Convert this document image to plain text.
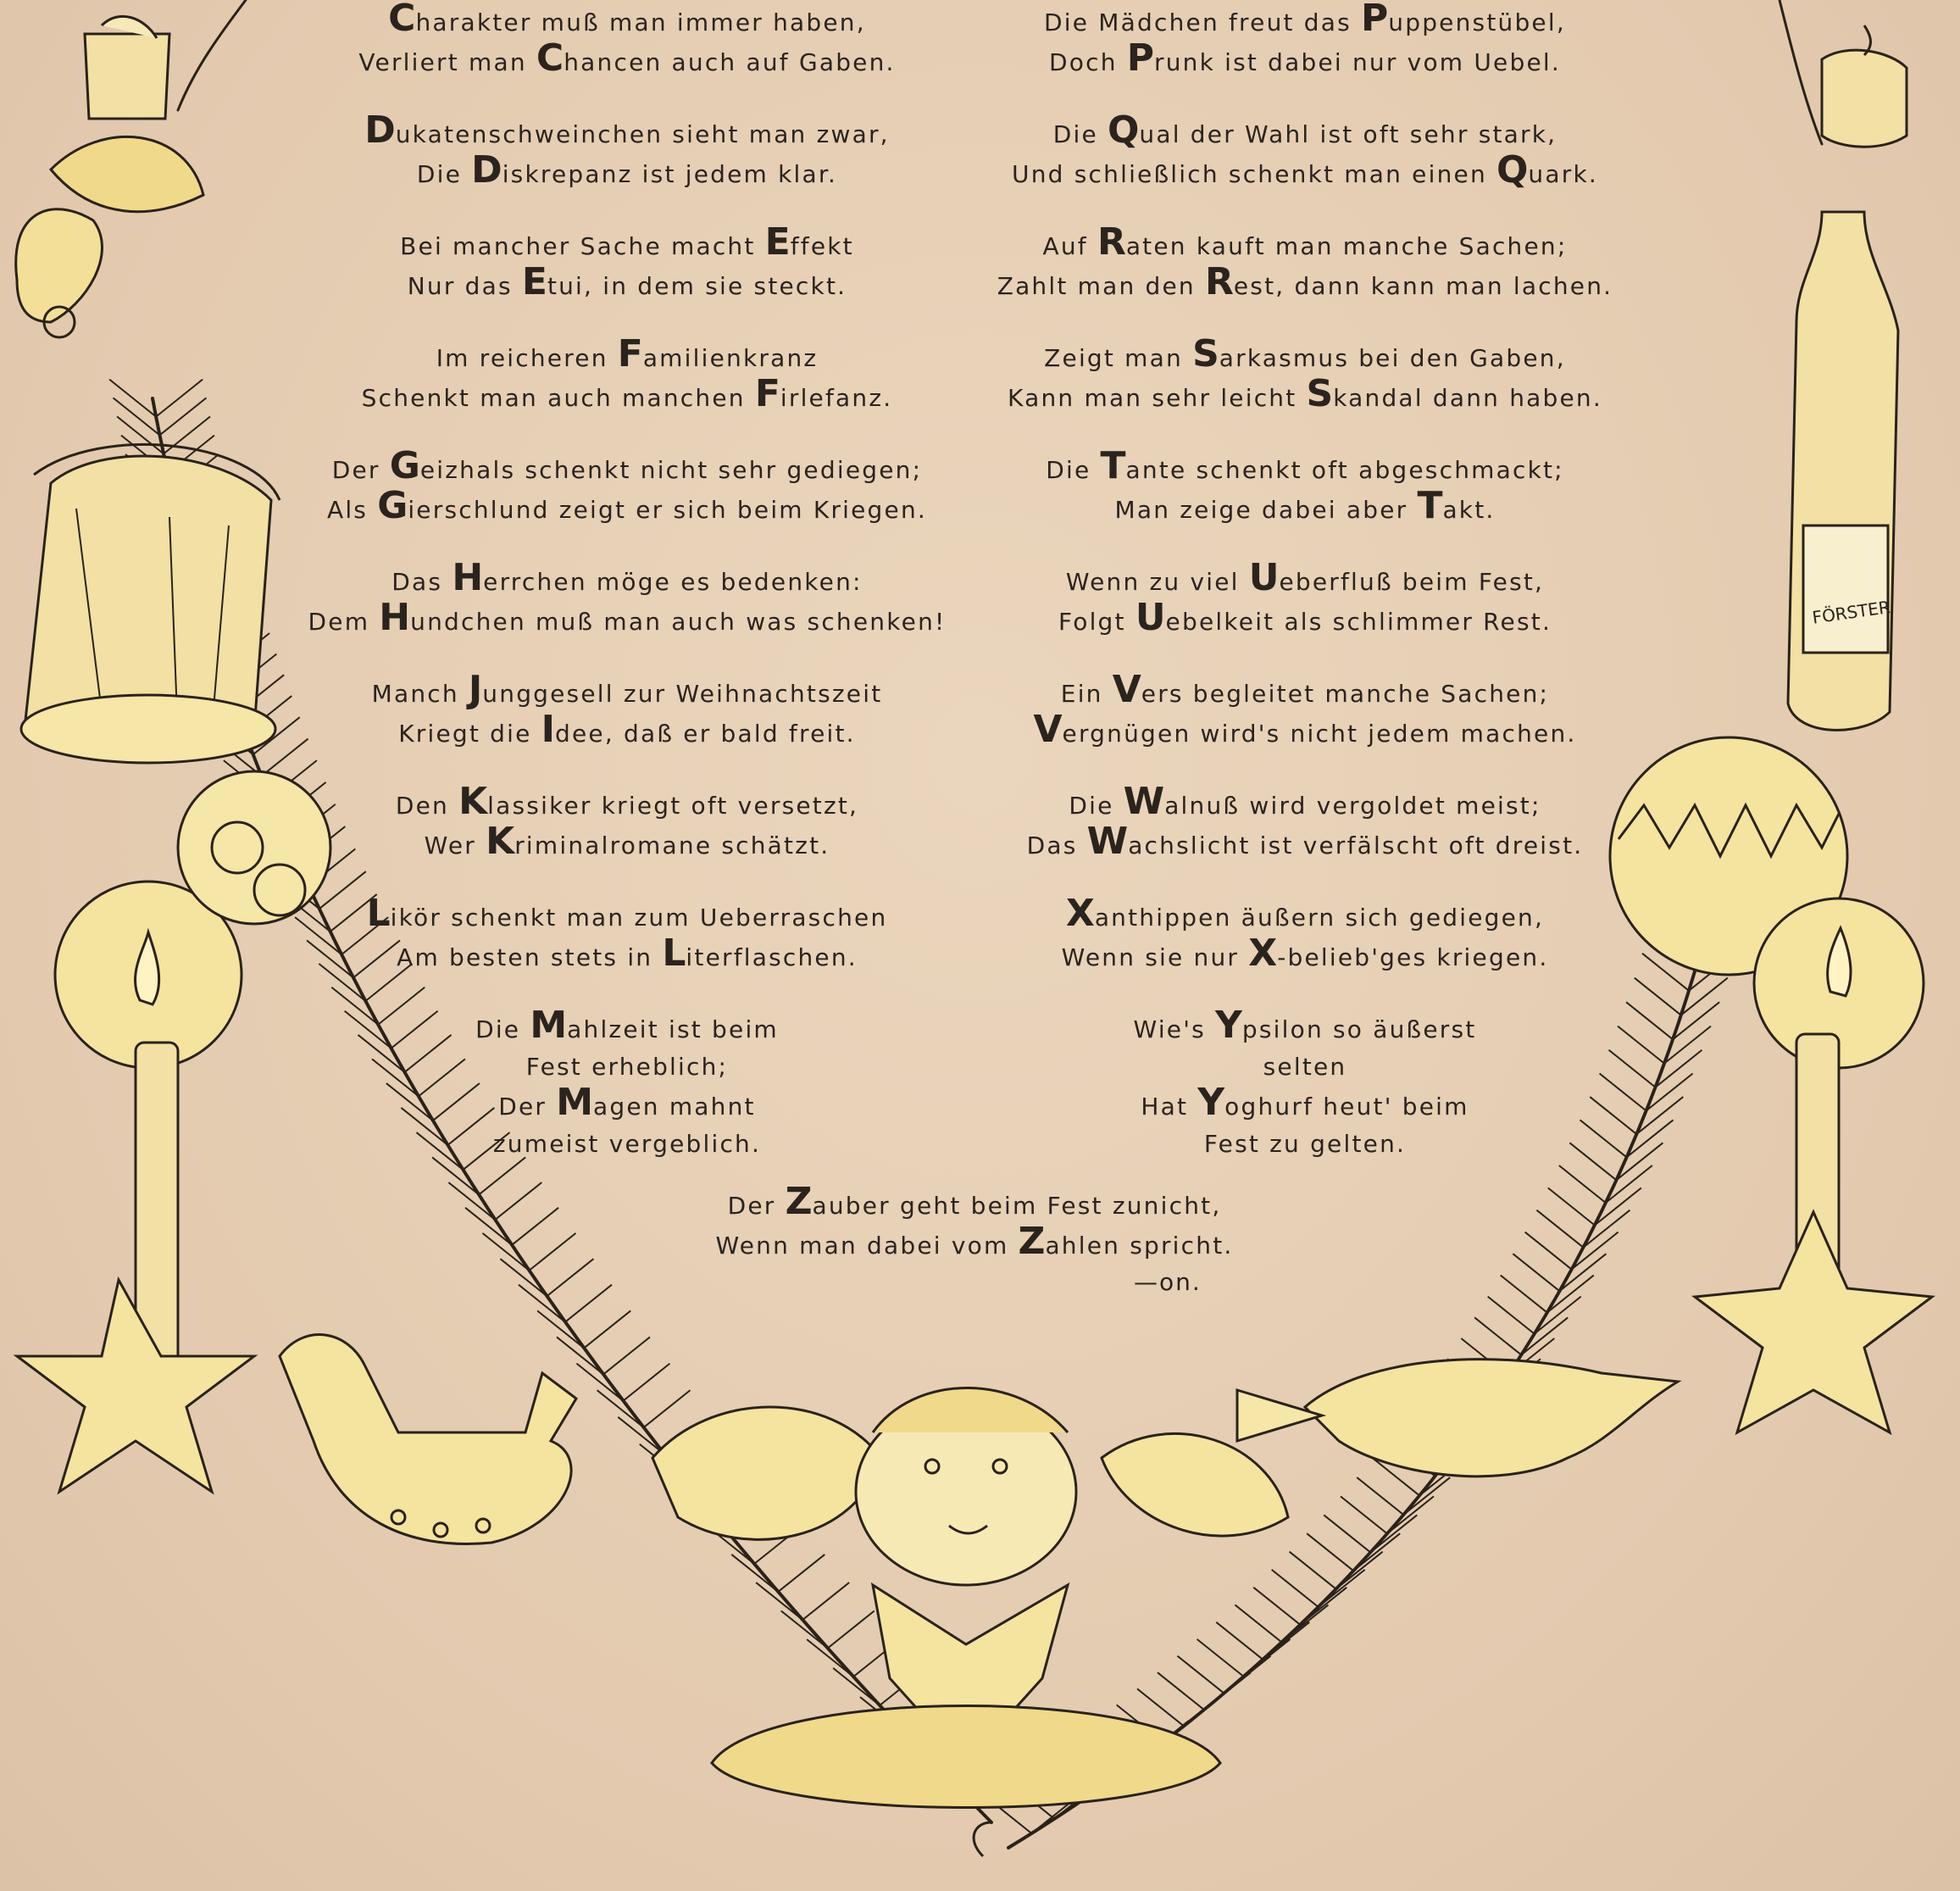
FÖRSTER
Charakter muß man immer haben,
Verliert man Chancen auch auf Gaben.
Dukatenschweinchen sieht man zwar,
Die Diskrepanz ist jedem klar.
Bei mancher Sache macht Effekt
Nur das Etui, in dem sie steckt.
Im reicheren Familienkranz
Schenkt man auch manchen Firlefanz.
Der Geizhals schenkt nicht sehr gediegen;
Als Gierschlund zeigt er sich beim Kriegen.
Das Herrchen möge es bedenken:
Dem Hundchen muß man auch was schenken!
Manch Junggesell zur Weihnachtszeit
Kriegt die Idee, daß er bald freit.
Den Klassiker kriegt oft versetzt,
Wer Kriminalromane schätzt.
Likör schenkt man zum Ueberraschen
Am besten stets in Literflaschen.
Die Mahlzeit ist beim Fest erheblich;
Der Magen mahnt zumeist vergeblich.
Die Mädchen freut das Puppenstübel,
Doch Prunk ist dabei nur vom Uebel.
Die Qual der Wahl ist oft sehr stark,
Und schließlich schenkt man einen Quark.
Auf Raten kauft man manche Sachen;
Zahlt man den Rest, dann kann man lachen.
Zeigt man Sarkasmus bei den Gaben,
Kann man sehr leicht Skandal dann haben.
Die Tante schenkt oft abgeschmackt;
Man zeige dabei aber Takt.
Wenn zu viel Ueberfluß beim Fest,
Folgt Uebelkeit als schlimmer Rest.
Ein Vers begleitet manche Sachen;
Vergnügen wird's nicht jedem machen.
Die Walnuß wird vergoldet meist;
Das Wachslicht ist verfälscht oft dreist.
Xanthippen äußern sich gediegen,
Wenn sie nur X-belieb'ges kriegen.
Wie's Ypsilon so äußerst selten
Hat Yoghurf heut' beim Fest zu gelten.
Der Zauber geht beim Fest zunicht,
Wenn man dabei vom Zahlen spricht.
—on.
